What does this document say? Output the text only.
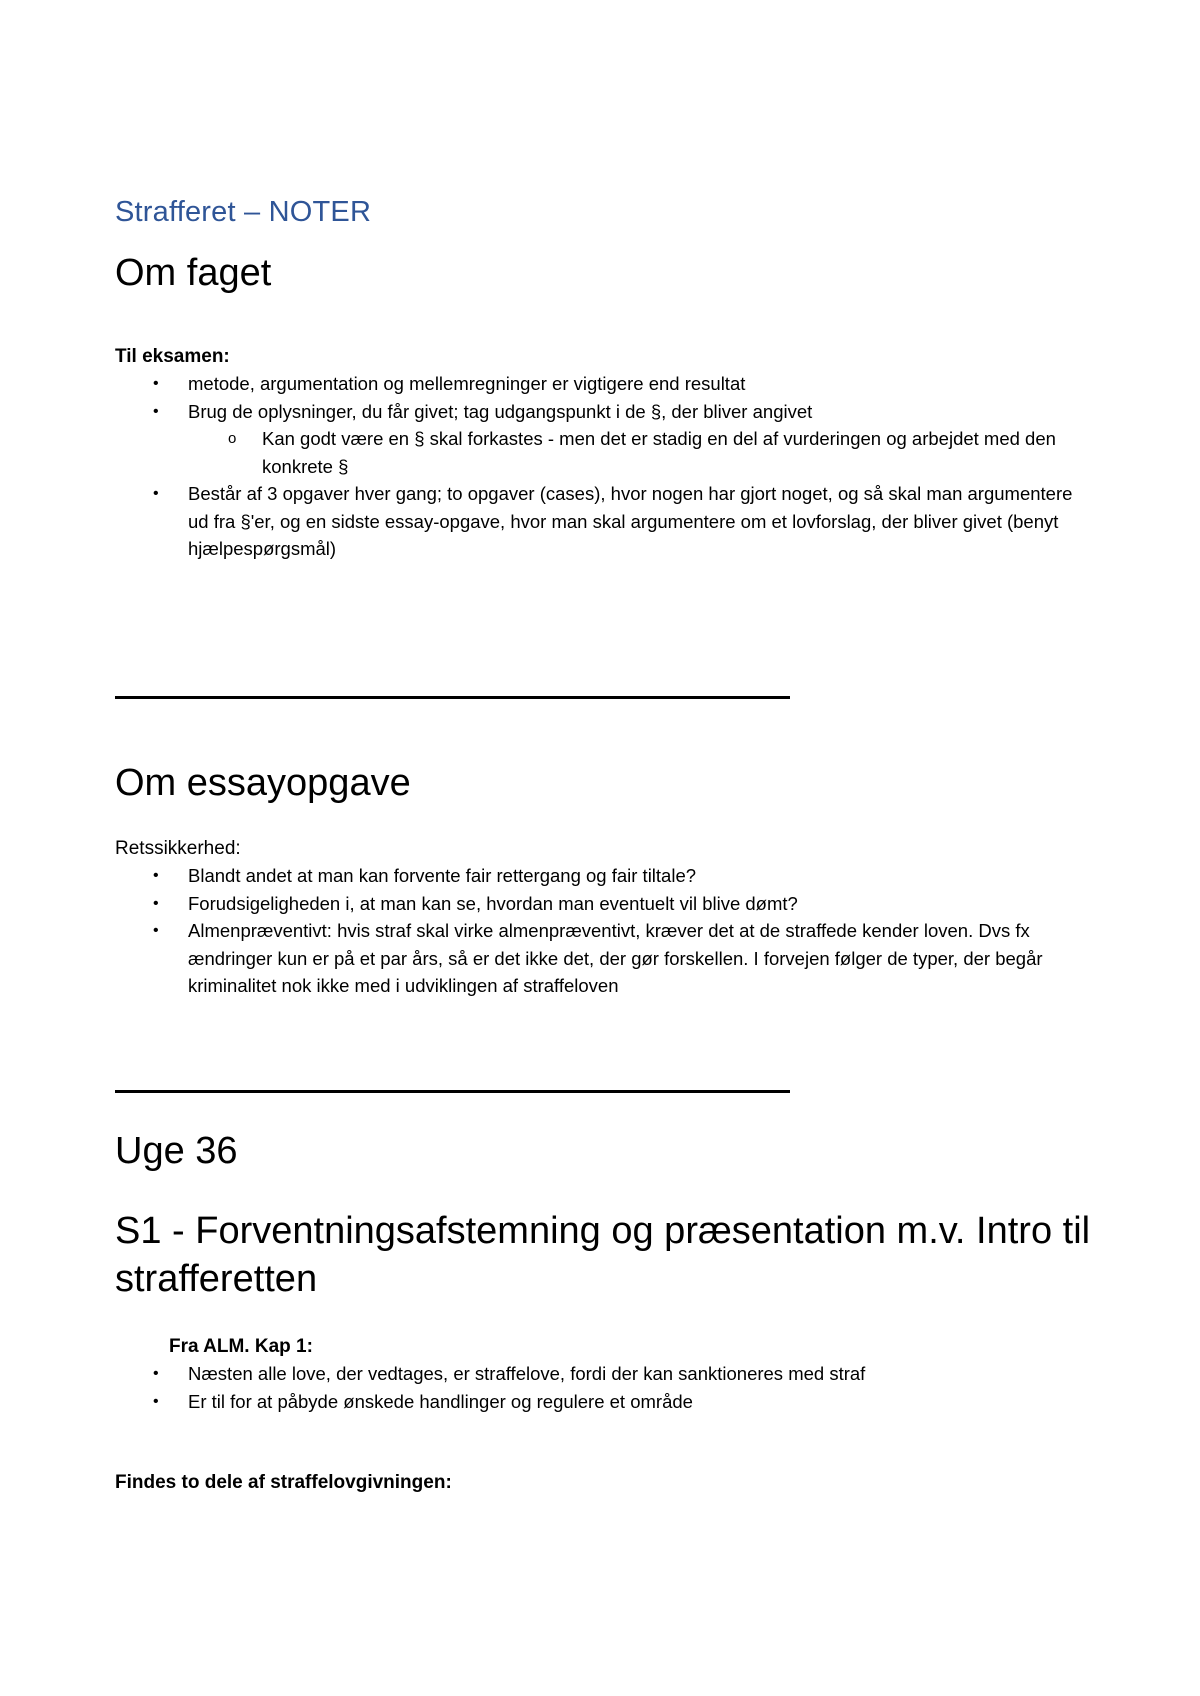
Strafferet – NOTER
Om faget
Til eksamen:
• metode, argumentation og mellemregninger er vigtigere end resultat
• Brug de oplysninger, du får givet; tag udgangspunkt i de §, der bliver angivet
o Kan godt være en § skal forkastes - men det er stadig en del af vurderingen og arbejdet med den konkrete §
• Består af 3 opgaver hver gang; to opgaver (cases), hvor nogen har gjort noget, og så skal man argumentere ud fra §'er, og en sidste essay-opgave, hvor man skal argumentere om et lovforslag, der bliver givet (benyt hjælpespørgsmål)
Om essayopgave
Retssikkerhed:
• Blandt andet at man kan forvente fair rettergang og fair tiltale?
• Forudsigeligheden i, at man kan se, hvordan man eventuelt vil blive dømt?
• Almenpræventivt: hvis straf skal virke almenpræventivt, kræver det at de straffede kender loven. Dvs fx ændringer kun er på et par års, så er det ikke det, der gør forskellen. I forvejen følger de typer, der begår kriminalitet nok ikke med i udviklingen af straffeloven
Uge 36
S1 - Forventningsafstemning og præsentation m.v. Intro til strafferetten
Fra ALM. Kap 1:
• Næsten alle love, der vedtages, er straffelove, fordi der kan sanktioneres med straf
• Er til for at påbyde ønskede handlinger og regulere et område
Findes to dele af straffelovgivningen:
